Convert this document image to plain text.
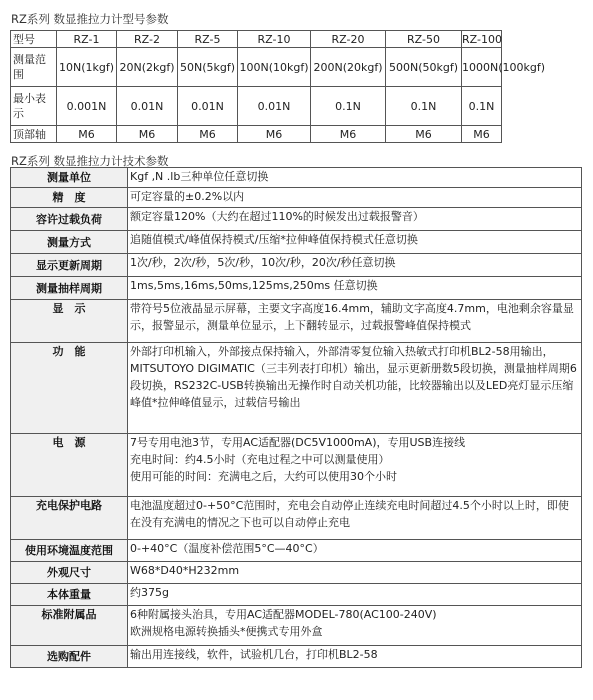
RZ系列 数显推拉力计型号参数
型号	RZ-1	RZ-2	RZ-5	RZ-10	RZ-20	RZ-50	RZ-100
测量范围	10N(1kgf)	20N(2kgf)	50N(5kgf)	100N(10kgf)	200N(20kgf)	500N(50kgf)	1000N(100kgf)
最小表示	0.001N	0.01N	0.01N	0.01N	0.1N	0.1N	0.1N
顶部轴	M6	M6	M6	M6	M6	M6	M6
RZ系列 数显推拉力计技术参数
测量单位	Kgf ,N .lb三种单位任意切换
精　度	可定容量的±0.2%以内
容许过载负荷	额定容量120%（大约在超过110%的时候发出过载报警音）
测量方式	追随值模式/峰值保持模式/压缩*拉伸峰值保持模式任意切换
显示更新周期	1次/秒，2次/秒，5次/秒，10次/秒，20次/秒任意切换
测量抽样周期	1ms,5ms,16ms,50ms,125ms,250ms 任意切换
显　示	带符号5位液晶显示屏幕，主要文字高度16.4mm，辅助文字高度4.7mm，电池剩余容量显示，报警显示，测量单位显示，上下翻转显示，过载报警峰值保持模式
功　能	外部打印机输入，外部接点保持输入，外部清零复位输入热敏式打印机BL2-58用输出，MITSUTOYO DIGIMATIC（三丰列表打印机）输出，显示更新册数5段切换，测量抽样周期6段切换，RS232C-USB转换输出无操作时自动关机功能，比较器输出以及LED亮灯显示压缩峰值*拉伸峰值显示，过载信号输出
电　源	7号专用电池3节，专用AC适配器(DC5V1000mA)，专用USB连接线
充电时间：约4.5小时（充电过程之中可以测量使用）
使用可能的时间：充满电之后，大约可以使用30个小时

充电保护电路	电池温度超过0-+50°C范围时，充电会自动停止连续充电时间超过4.5个小时以上时，即使在没有充满电的情况之下也可以自动停止充电
使用环境温度范围	0-+40°C（温度补偿范围5°C—40°C）
外观尺寸	W68*D40*H232mm
本体重量	约375g
标准附属品	6种附属接头治具，专用AC适配器MODEL-780(AC100-240V)
欧洲规格电源转换插头*便携式专用外盒

选购配件	输出用连接线，软件，试验机几台，打印机BL2-58
